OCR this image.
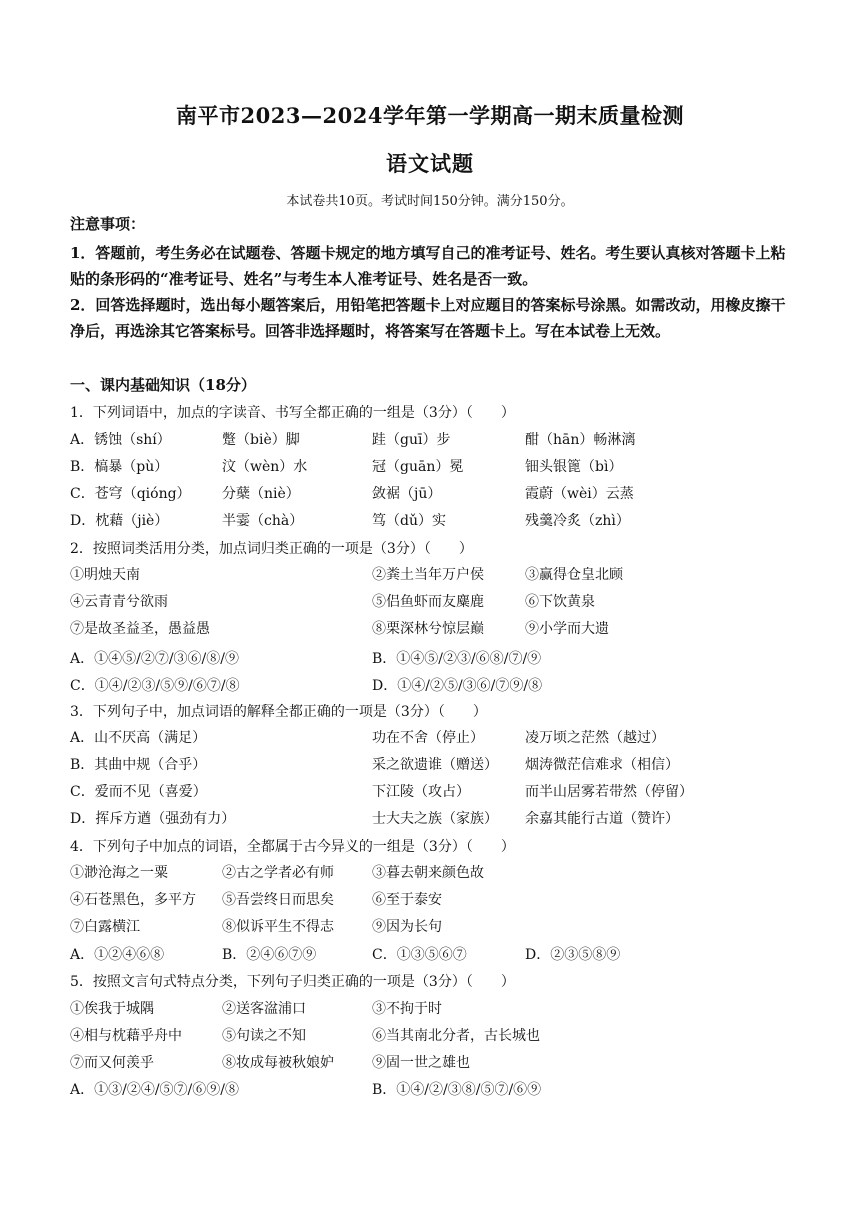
南平市2023—2024学年第一学期高一期末质量检测
语文试题
本试卷共10页。考试时间150分钟。满分150分。
注意事项：
1．答题前，考生务必在试题卷、答题卡规定的地方填写自己的准考证号、姓名。考生要认真核对答题卡上粘贴的条形码的“准考证号、姓名”与考生本人准考证号、姓名是否一致。
2．回答选择题时，选出每小题答案后，用铅笔把答题卡上对应题目的答案标号涂黑。如需改动，用橡皮擦干净后，再选涂其它答案标号。回答非选择题时，将答案写在答题卡上。写在本试卷上无效。
一、课内基础知识（18分）
1．下列词语中，加点的字读音、书写全都正确的一组是（3分）（　　）
A．锈蚀（shí）	蹩（biè）脚	跬（guī）步	酣（hān）畅淋漓
B．槁暴（pù）	汶（wèn）水	冠（guān）冕	钿头银篦（bì）
C．苍穹（qióng） 分蘖（niè）	敛裾（jū）	霞蔚（wèi）云蒸
D．枕藉（jiè）	半霎（chà）	笃（dǔ）实	残羹冷炙（zhì）
2．按照词类活用分类，加点词归类正确的一项是（3分）（　　）
①明烛天南	②粪土当年万户侯	③赢得仓皇北顾
④云青青兮欲雨	⑤侣鱼虾而友麋鹿	⑥下饮黄泉
⑦是故圣益圣，愚益愚	⑧栗深林兮惊层巅	⑨小学而大遗
A．①④⑤/②⑦/③⑥/⑧/⑨	B．①④⑤/②③/⑥⑧/⑦/⑨
C．①④/②③/⑤⑨/⑥⑦/⑧	D．①④/②⑤/③⑥/⑦⑨/⑧
3．下列句子中，加点词语的解释全都正确的一项是（3分）（　　）
A．山不厌高（满足）	功在不舍（停止）	凌万顷之茫然（越过）
B．其曲中规（合乎）	采之欲遗谁（赠送） 烟涛微茫信难求（相信）
C．爱而不见（喜爱）	下江陵（攻占）	而半山居雾若带然（停留）
D．挥斥方遒（强劲有力）	士大夫之族（家族） 余嘉其能行古道（赞许）
4．下列句子中加点的词语，全都属于古今异义的一组是（3分）（　　）
①渺沧海之一粟	②古之学者必有师	③暮去朝来颜色故
④石苍黑色，多平方 ⑤吾尝终日而思矣	⑥至于泰安
⑦白露横江	⑧似诉平生不得志	⑨因为长句
A．①②④⑥⑧	B．②④⑥⑦⑨	C．①③⑤⑥⑦	D．②③⑤⑧⑨
5．按照文言句式特点分类，下列句子归类正确的一项是（3分）（　　）
①俟我于城隅	②送客湓浦口	③不拘于时
④相与枕藉乎舟中	⑤句读之不知	⑥当其南北分者，古长城也
⑦而又何羡乎	⑧妆成每被秋娘妒	⑨固一世之雄也
A．①③/②④/⑤⑦/⑥⑨/⑧	B．①④/②/③⑧/⑤⑦/⑥⑨
